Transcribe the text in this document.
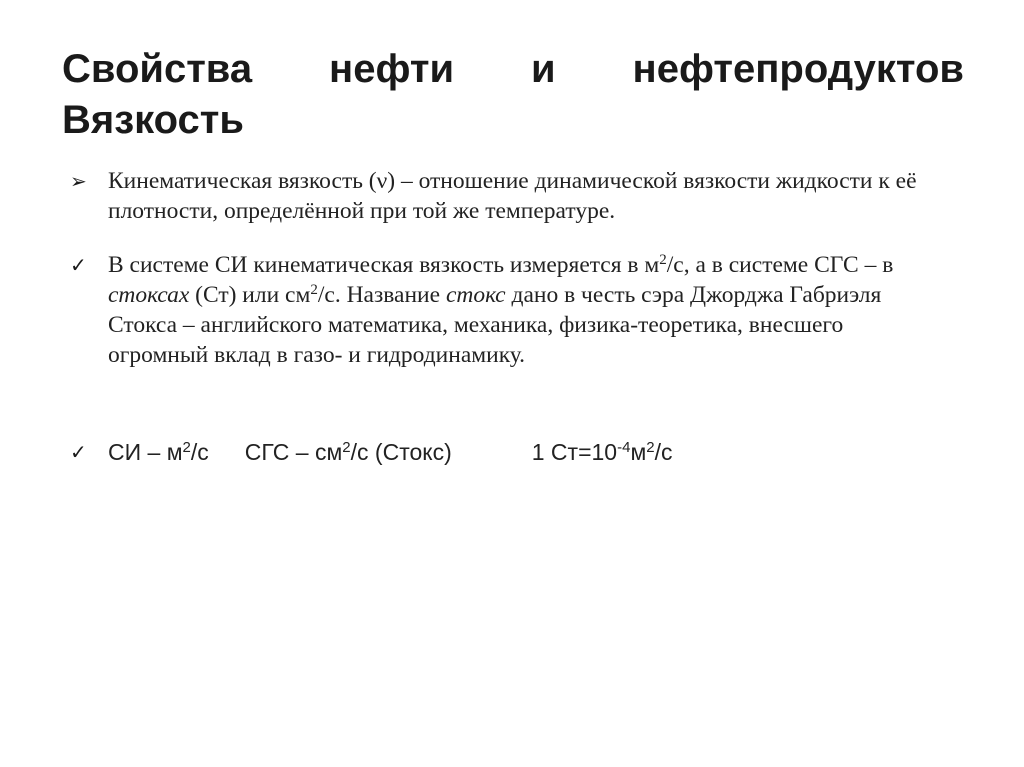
Свойства нефти и нефтепродуктов
Вязкость
➢ Кинематическая вязкость (ν) – отношение динамической вязкости жидкости к её плотности, определённой при той же температуре.
✓ В системе СИ кинематическая вязкость измеряется в $м^2/с$, а в системе СГС – в стоксах (Ст) или $см^2/с$. Название стокс дано в честь сэра Джорджа Габриэля Стокса – английского математика, механика, физика-теоретика, внесшего огромный вклад в газо- и гидродинамику.
✓ СИ – $м^2/с$ СГС – $см^2/с$ (Стокс)	1 $Ст=10^{-4}м^2/с$
